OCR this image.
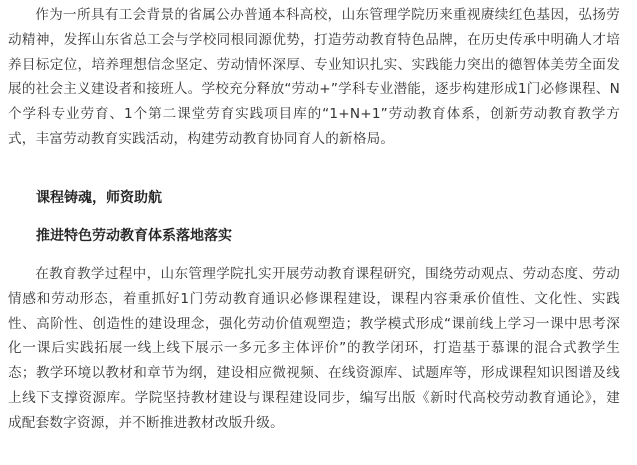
作为一所具有工会背景的省属公办普通本科高校，山东管理学院历来重视赓续红色基因，弘扬劳动精神，发挥山东省总工会与学校同根同源优势，打造劳动教育特色品牌，在历史传承中明确人才培养目标定位，培养理想信念坚定、劳动情怀深厚、专业知识扎实、实践能力突出的德智体美劳全面发展的社会主义建设者和接班人。学校充分释放“劳动+”学科专业潜能，逐步构建形成1门必修课程、N个学科专业劳育、1个第二课堂劳育实践项目库的“1+N+1”劳动教育体系，创新劳动教育教学方式，丰富劳动教育实践活动，构建劳动教育协同育人的新格局。

课程铸魂，师资助航

推进特色劳动教育体系落地落实

在教育教学过程中，山东管理学院扎实开展劳动教育课程研究，围绕劳动观点、劳动态度、劳动情感和劳动形态，着重抓好1门劳动教育通识必修课程建设，课程内容秉承价值性、文化性、实践性、高阶性、创造性的建设理念，强化劳动价值观塑造；教学模式形成“课前线上学习一课中思考深化一课后实践拓展一线上线下展示一多元多主体评价”的教学闭环，打造基于慕课的混合式教学生态；教学环境以教材和章节为纲，建设相应微视频、在线资源库、试题库等，形成课程知识图谱及线上线下支撑资源库。学院坚持教材建设与课程建设同步，编写出版《新时代高校劳动教育通论》，建成配套数字资源，并不断推进教材改版升级。
